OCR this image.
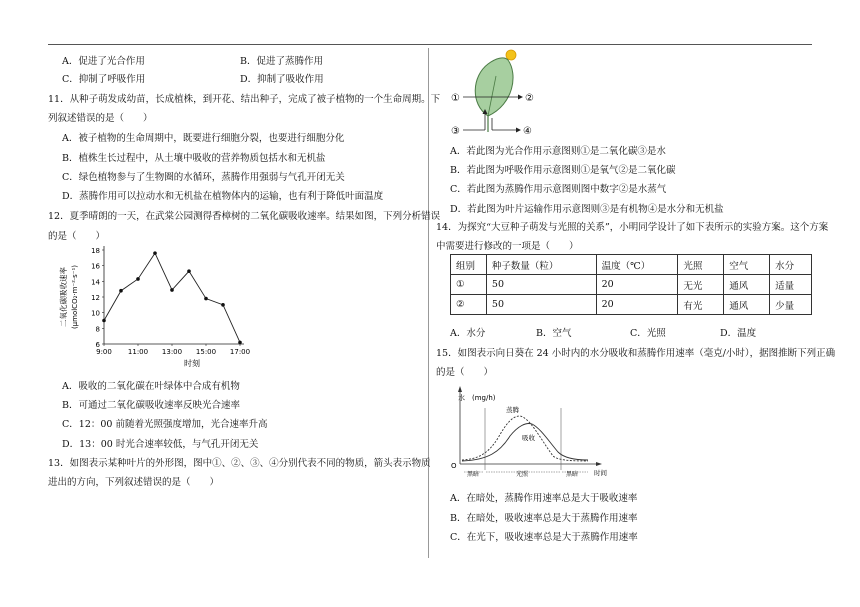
A．促进了光合作用	B．促进了蒸腾作用
C．抑制了呼吸作用	D．抑制了吸收作用
11．从种子萌发成幼苗，长成植株，到开花、结出种子，完成了被子植物的一个生命周期。下
列叙述错误的是（　　）
A．被子植物的生命周期中，既要进行细胞分裂，也要进行细胞分化
B．植株生长过程中，从土壤中吸收的营养物质包括水和无机盐
C．绿色植物参与了生物圈的水循环，蒸腾作用强弱与气孔开闭无关
D．蒸腾作用可以拉动水和无机盐在植物体内的运输，也有利于降低叶面温度
12．夏季晴朗的一天，在武棠公园测得香樟树的二氧化碳吸收速率。结果如图，下列分析错误
的是（　　）
6
8
10
12
14
16
18
9:00 11:00 13:00 15:00 17:00
时刻
二氧化碳吸收速率 (μmolCO₂·m⁻²·s⁻¹)
A．吸收的二氧化碳在叶绿体中合成有机物
B．可通过二氧化碳吸收速率反映光合速率
C．12：00 前随着光照强度增加，光合速率升高
D．13：00 时光合速率较低，与气孔开闭无关
13．如图表示某种叶片的外形图，图中①、②、③、④分别代表不同的物质，箭头表示物质
进出的方向，下列叙述错误的是（　　）
①	②
③	④
A．若此图为光合作用示意图则①是二氧化碳③是水
B．若此图为呼吸作用示意图则①是氧气②是二氧化碳
C．若此图为蒸腾作用示意图则图中数字②是水蒸气
D．若此图为叶片运输作用示意图则③是有机物④是水分和无机盐
14．为探究“大豆种子萌发与光照的关系”，小明同学设计了如下表所示的实验方案。这个方案
中需要进行修改的一项是（　　）
组别	种子数量（粒）	温度（℃）	光照	空气	水分
①	50	20	无光	通风	适量
②	50	20	有光	通风	少量
A．水分	B．空气	C．光照	D．温度
15．如图表示向日葵在 24 小时内的水分吸收和蒸腾作用速率（毫克/小时），据图推断下列正确
的是（　　）
水　(mg/h)
O
蒸腾
吸收
黑暗	光照	黑暗 时间
A．在暗处，蒸腾作用速率总是大于吸收速率
B．在暗处，吸收速率总是大于蒸腾作用速率
C．在光下，吸收速率总是大于蒸腾作用速率
